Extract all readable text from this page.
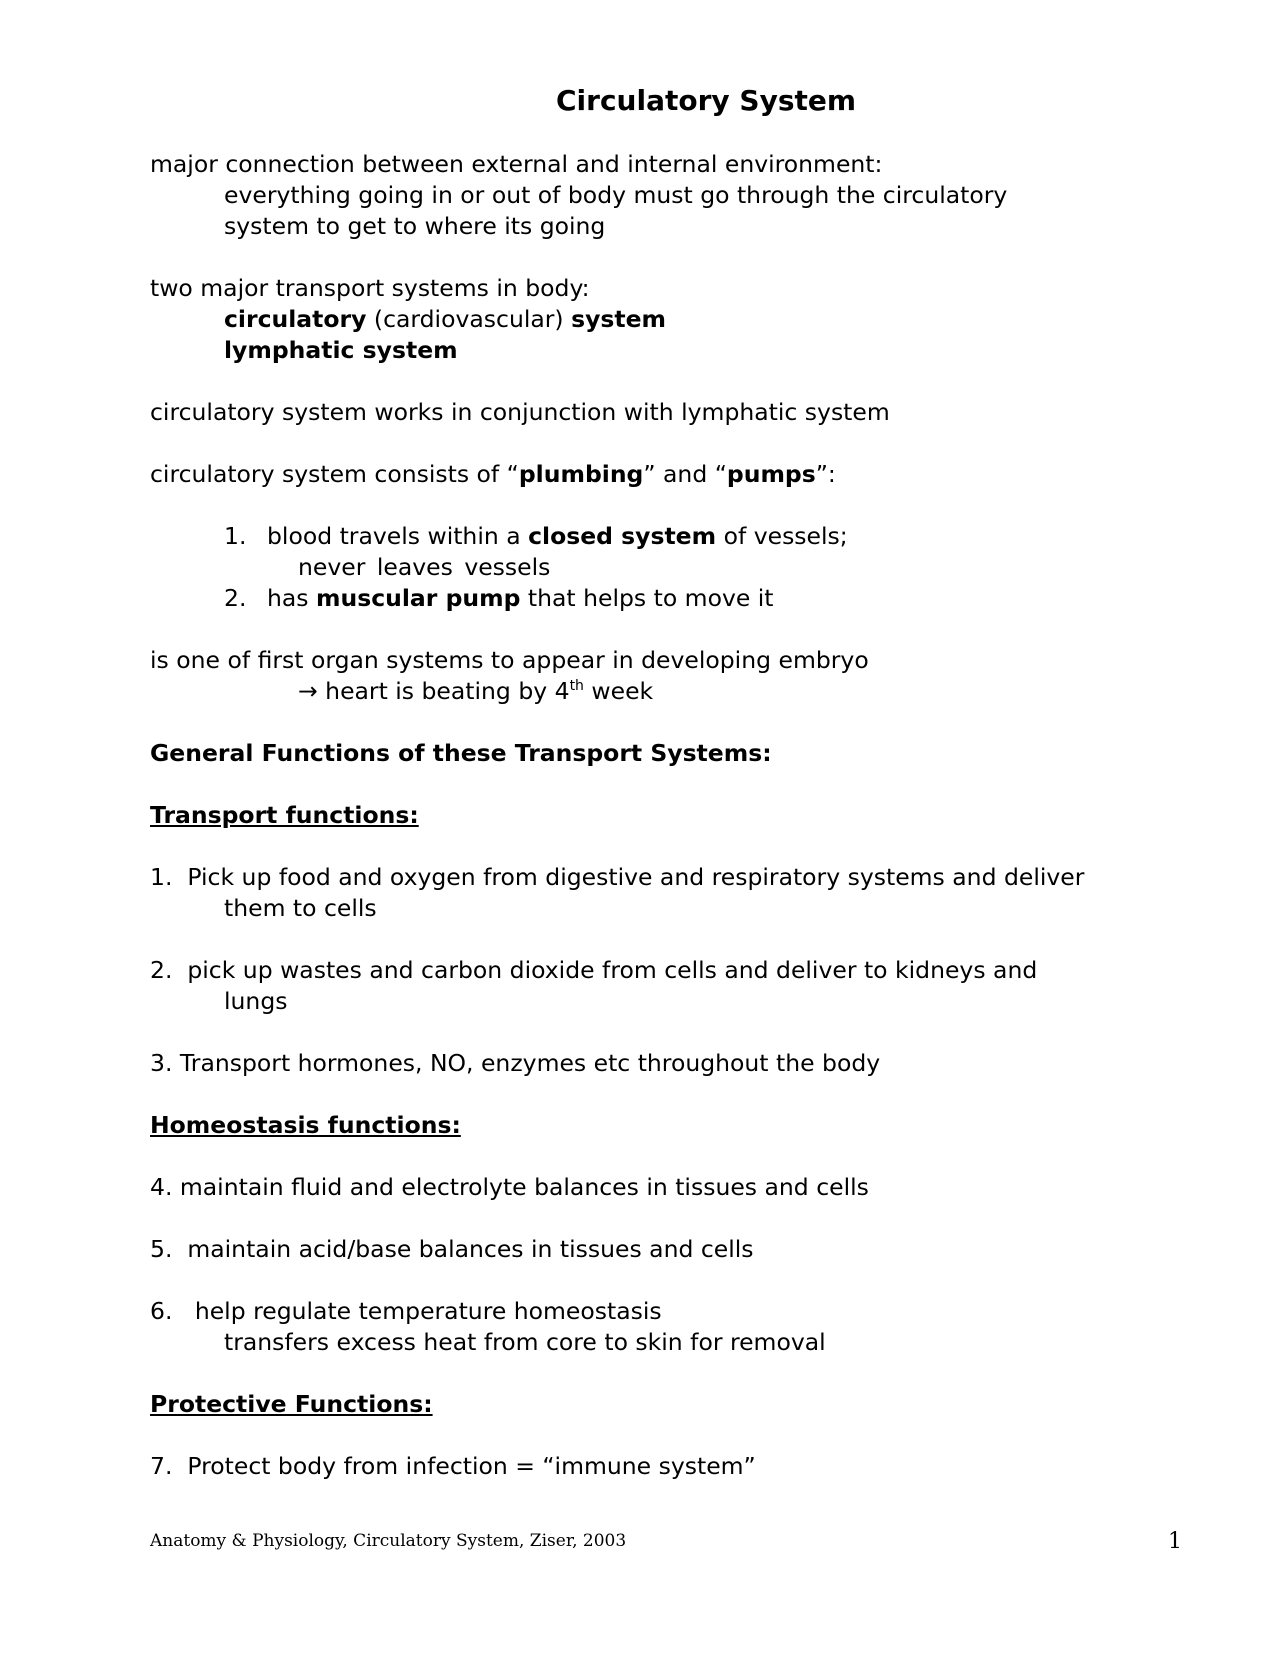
Circulatory System
major connection between external and internal environment:
everything going in or out of body must go through the circulatory
system to get to where its going
two major transport systems in body:
circulatory (cardiovascular) system
lymphatic system
circulatory system works in conjunction with lymphatic system
circulatory system consists of “plumbing” and “pumps”:
1. blood travels within a closed system of vessels;
never leaves vessels
2. has muscular pump that helps to move it
is one of first organ systems to appear in developing embryo
→ heart is beating by 4th week
General Functions of these Transport Systems:
Transport functions:
1.  Pick up food and oxygen from digestive and respiratory systems and deliver
them to cells
2.  pick up wastes and carbon dioxide from cells and deliver to kidneys and
lungs
3. Transport hormones, NO, enzymes etc throughout the body
Homeostasis functions:
4. maintain fluid and electrolyte balances in tissues and cells
5.  maintain acid/base balances in tissues and cells
6.   help regulate temperature homeostasis
transfers excess heat from core to skin for removal
Protective Functions:
7.  Protect body from infection = “immune system”
Anatomy & Physiology, Circulatory System, Ziser, 2003	1
